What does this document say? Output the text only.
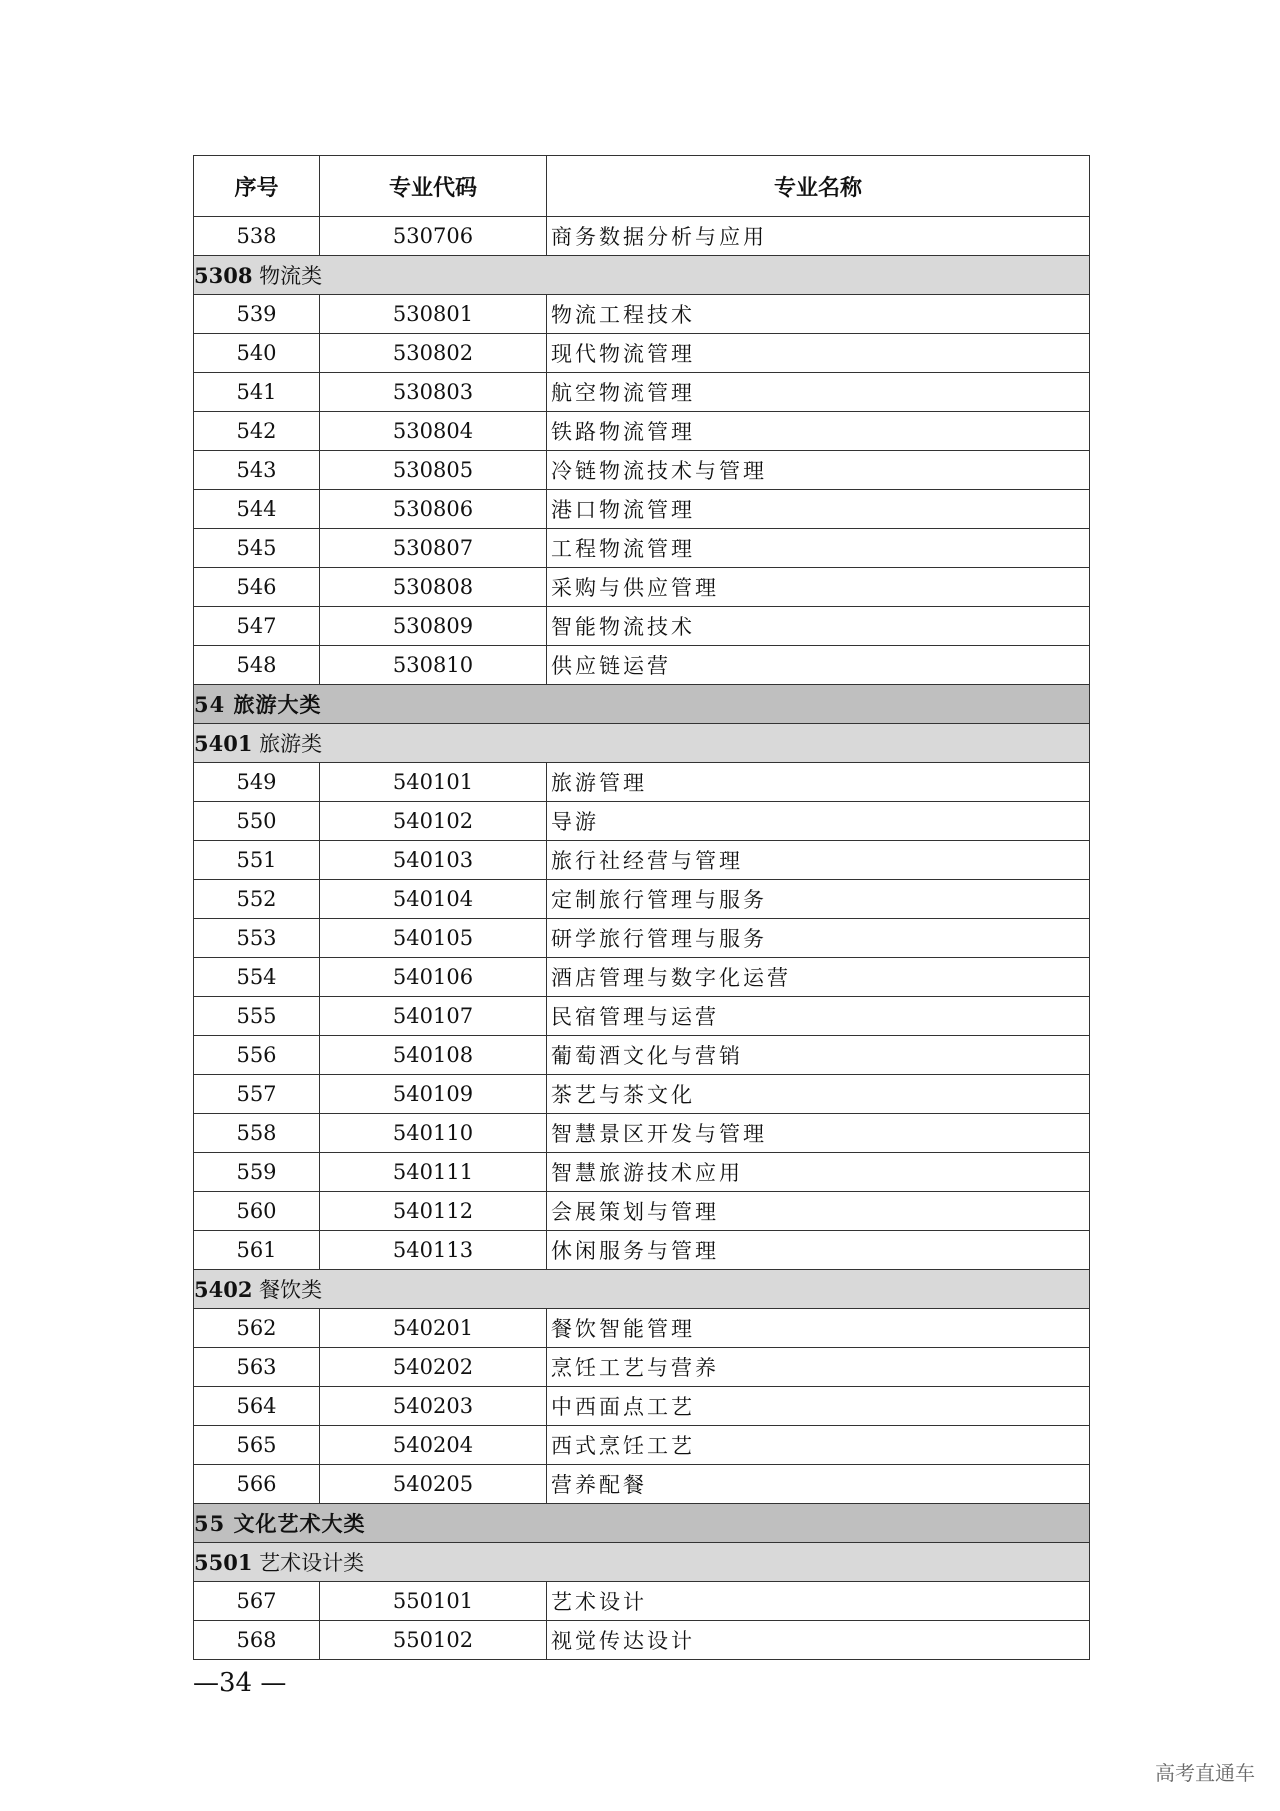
序号	专业代码	专业名称
538	530706	商务数据分析与应用
5308 物流类		
539	530801	物流工程技术
540	530802	现代物流管理
541	530803	航空物流管理
542	530804	铁路物流管理
543	530805	冷链物流技术与管理
544	530806	港口物流管理
545	530807	工程物流管理
546	530808	采购与供应管理
547	530809	智能物流技术
548	530810	供应链运营
54 旅游大类		
5401 旅游类		
549	540101	旅游管理
550	540102	导游
551	540103	旅行社经营与管理
552	540104	定制旅行管理与服务
553	540105	研学旅行管理与服务
554	540106	酒店管理与数字化运营
555	540107	民宿管理与运营
556	540108	葡萄酒文化与营销
557	540109	茶艺与茶文化
558	540110	智慧景区开发与管理
559	540111	智慧旅游技术应用
560	540112	会展策划与管理
561	540113	休闲服务与管理
5402 餐饮类		
562	540201	餐饮智能管理
563	540202	烹饪工艺与营养
564	540203	中西面点工艺
565	540204	西式烹饪工艺
566	540205	营养配餐
55 文化艺术大类		
5501 艺术设计类		
567	550101	艺术设计
568	550102	视觉传达设计
—34 —
高考直通车
